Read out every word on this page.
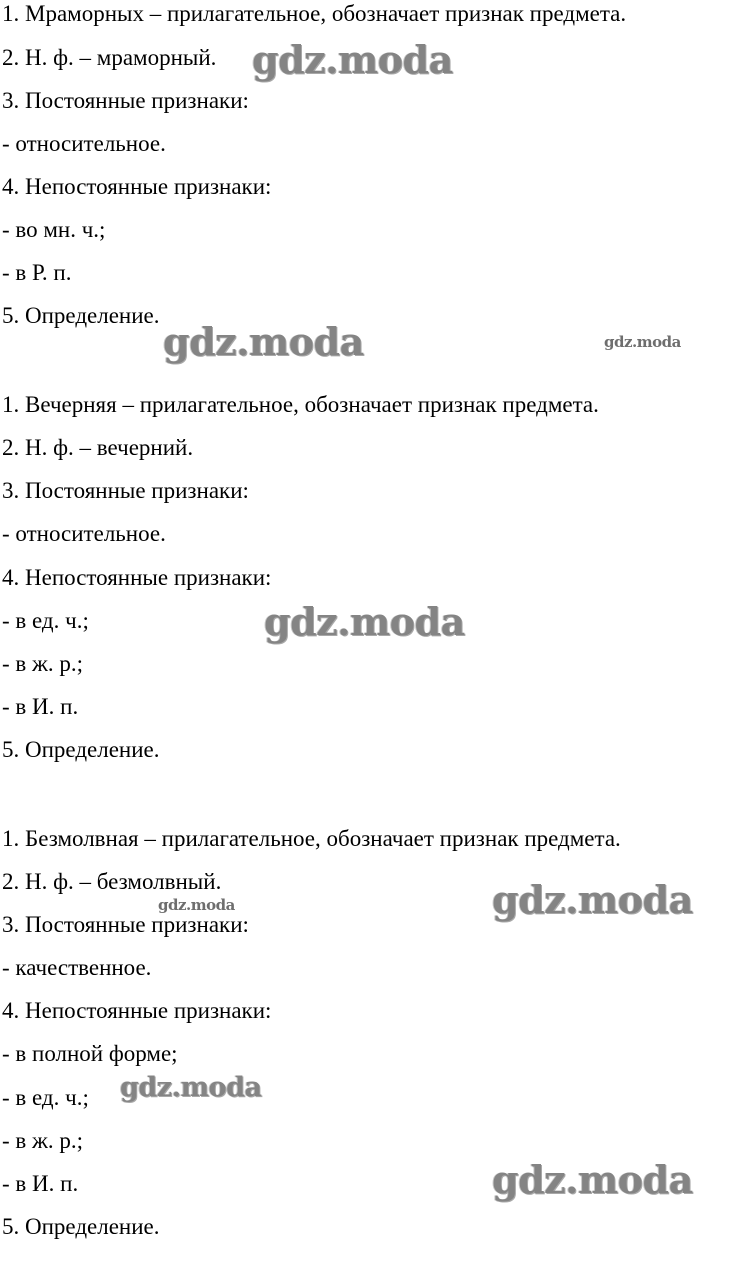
1. Мраморных – прилагательное, обозначает признак предмета.

2. Н. ф. – мраморный.

3. Постоянные признаки:

- относительное.

4. Непостоянные признаки:

- во мн. ч.;

- в Р. п.

5. Определение.

1. Вечерняя – прилагательное, обозначает признак предмета.

2. Н. ф. – вечерний.

3. Постоянные признаки:

- относительное.

4. Непостоянные признаки:

- в ед. ч.;

- в ж. р.;

- в И. п.

5. Определение.

1. Безмолвная – прилагательное, обозначает признак предмета.

2. Н. ф. – безмолвный.

3. Постоянные признаки:

- качественное.

4. Непостоянные признаки:

- в полной форме;

- в ед. ч.;

- в ж. р.;

- в И. п.

5. Определение.

gdz.moda
gdz.moda	gdz.moda
gdz.moda
gdz.moda
gdz.moda
gdz.moda
gdz.moda
